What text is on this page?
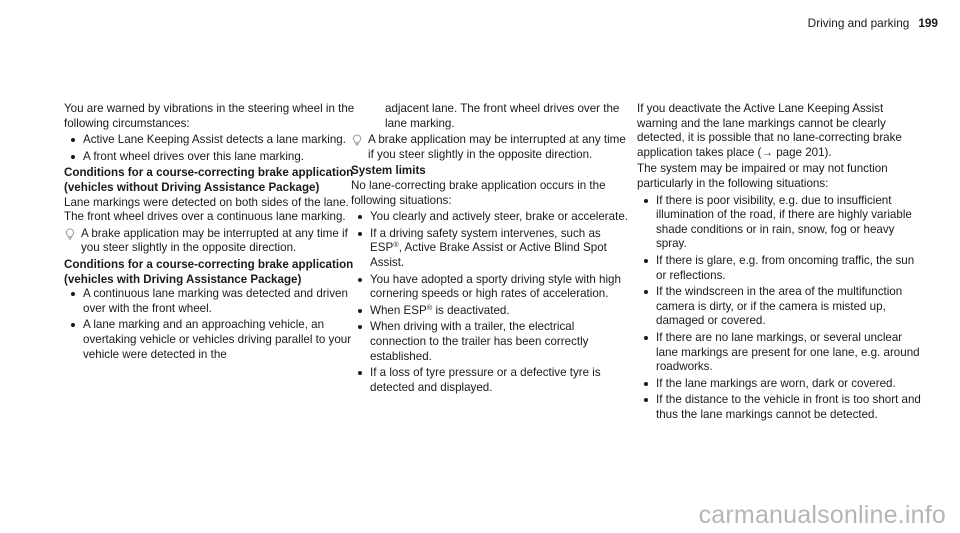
Driving and parking 199

You are warned by vibrations in the steering wheel in the following circumstances:

Active Lane Keeping Assist detects a lane marking.
A front wheel drives over this lane marking.
Conditions for a course-correcting brake application (vehicles without Driving Assistance Package)

Lane markings were detected on both sides of the lane. The front wheel drives over a continuous lane marking.

A brake application may be interrupted at any time if you steer slightly in the opposite direction.
Conditions for a course-correcting brake application (vehicles with Driving Assistance Package)
A continuous lane marking was detected and driven over with the front wheel.
A lane marking and an approaching vehicle, an overtaking vehicle or vehicles driving parallel to your vehicle were detected in the

adjacent lane. The front wheel drives over the lane marking.

A brake application may be interrupted at any time if you steer slightly in the opposite direction.
System limits

No lane-correcting brake application occurs in the following situations:

You clearly and actively steer, brake or accelerate.
If a driving safety system intervenes, such as ESP®, Active Brake Assist or Active Blind Spot Assist.
You have adopted a sporty driving style with high cornering speeds or high rates of acceleration.
When ESP® is deactivated.
When driving with a trailer, the electrical connection to the trailer has been correctly established.
If a loss of tyre pressure or a defective tyre is detected and displayed.

If you deactivate the Active Lane Keeping Assist warning and the lane markings cannot be clearly detected, it is possible that no lane-correcting brake application takes place (→ page 201).

The system may be impaired or may not function particularly in the following situations:

If there is poor visibility, e.g. due to insufficient illumination of the road, if there are highly variable shade conditions or in rain, snow, fog or heavy spray.
If there is glare, e.g. from oncoming traffic, the sun or reflections.
If the windscreen in the area of the multifunction camera is dirty, or if the camera is misted up, damaged or covered.
If there are no lane markings, or several unclear lane markings are present for one lane, e.g. around roadworks.
If the lane markings are worn, dark or covered.
If the distance to the vehicle in front is too short and thus the lane markings cannot be detected.
carmanualsonline.info
